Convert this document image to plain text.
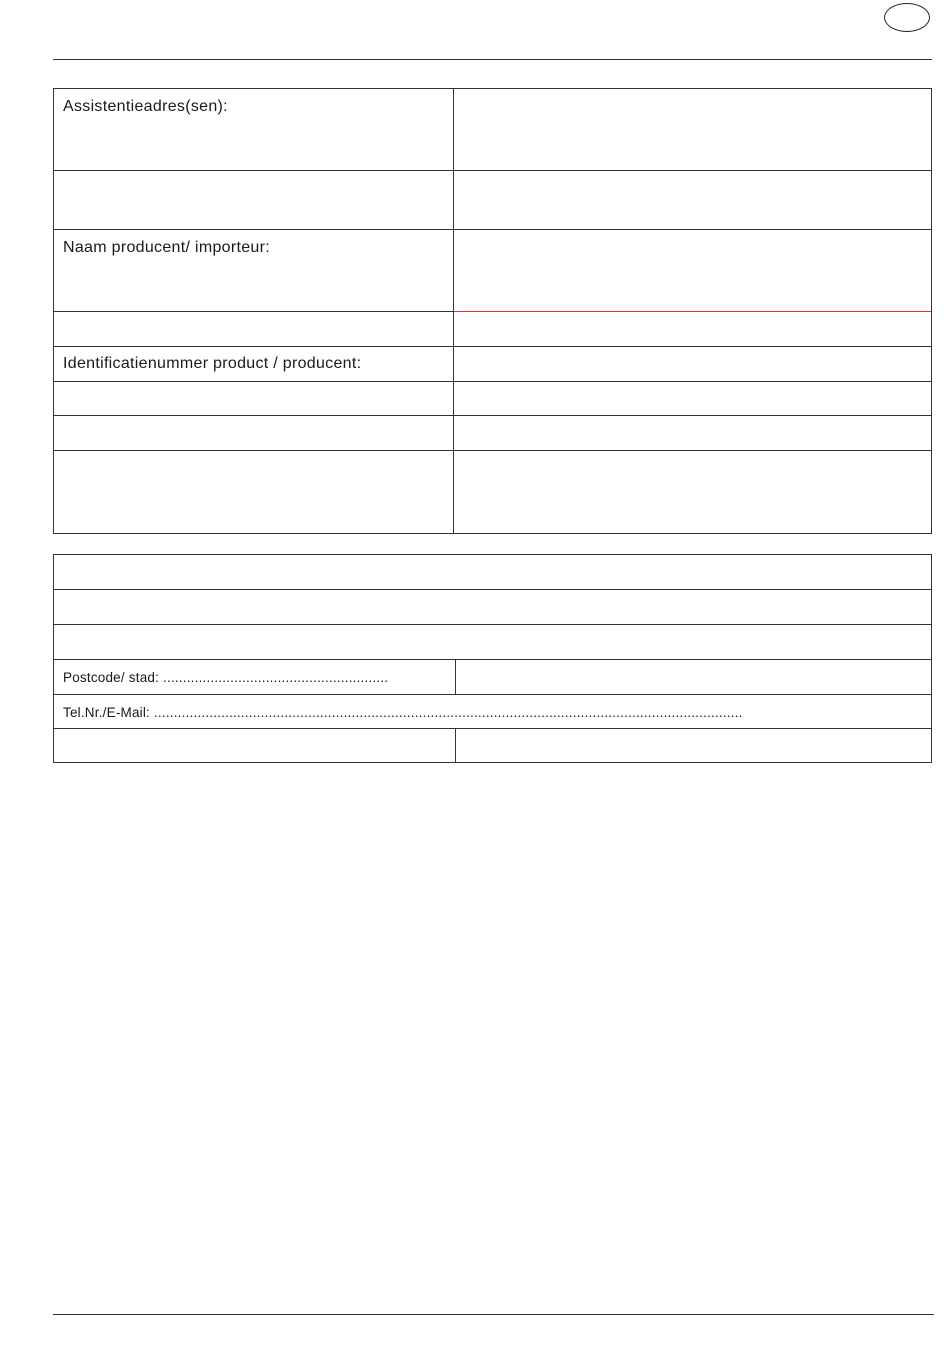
Assistentieadres(sen):
Naam producent/ importeur:
Identificatienummer product / producent:
Postcode/ stad: .........................................................
Tel.Nr./E-Mail: .....................................................................................................................................................
